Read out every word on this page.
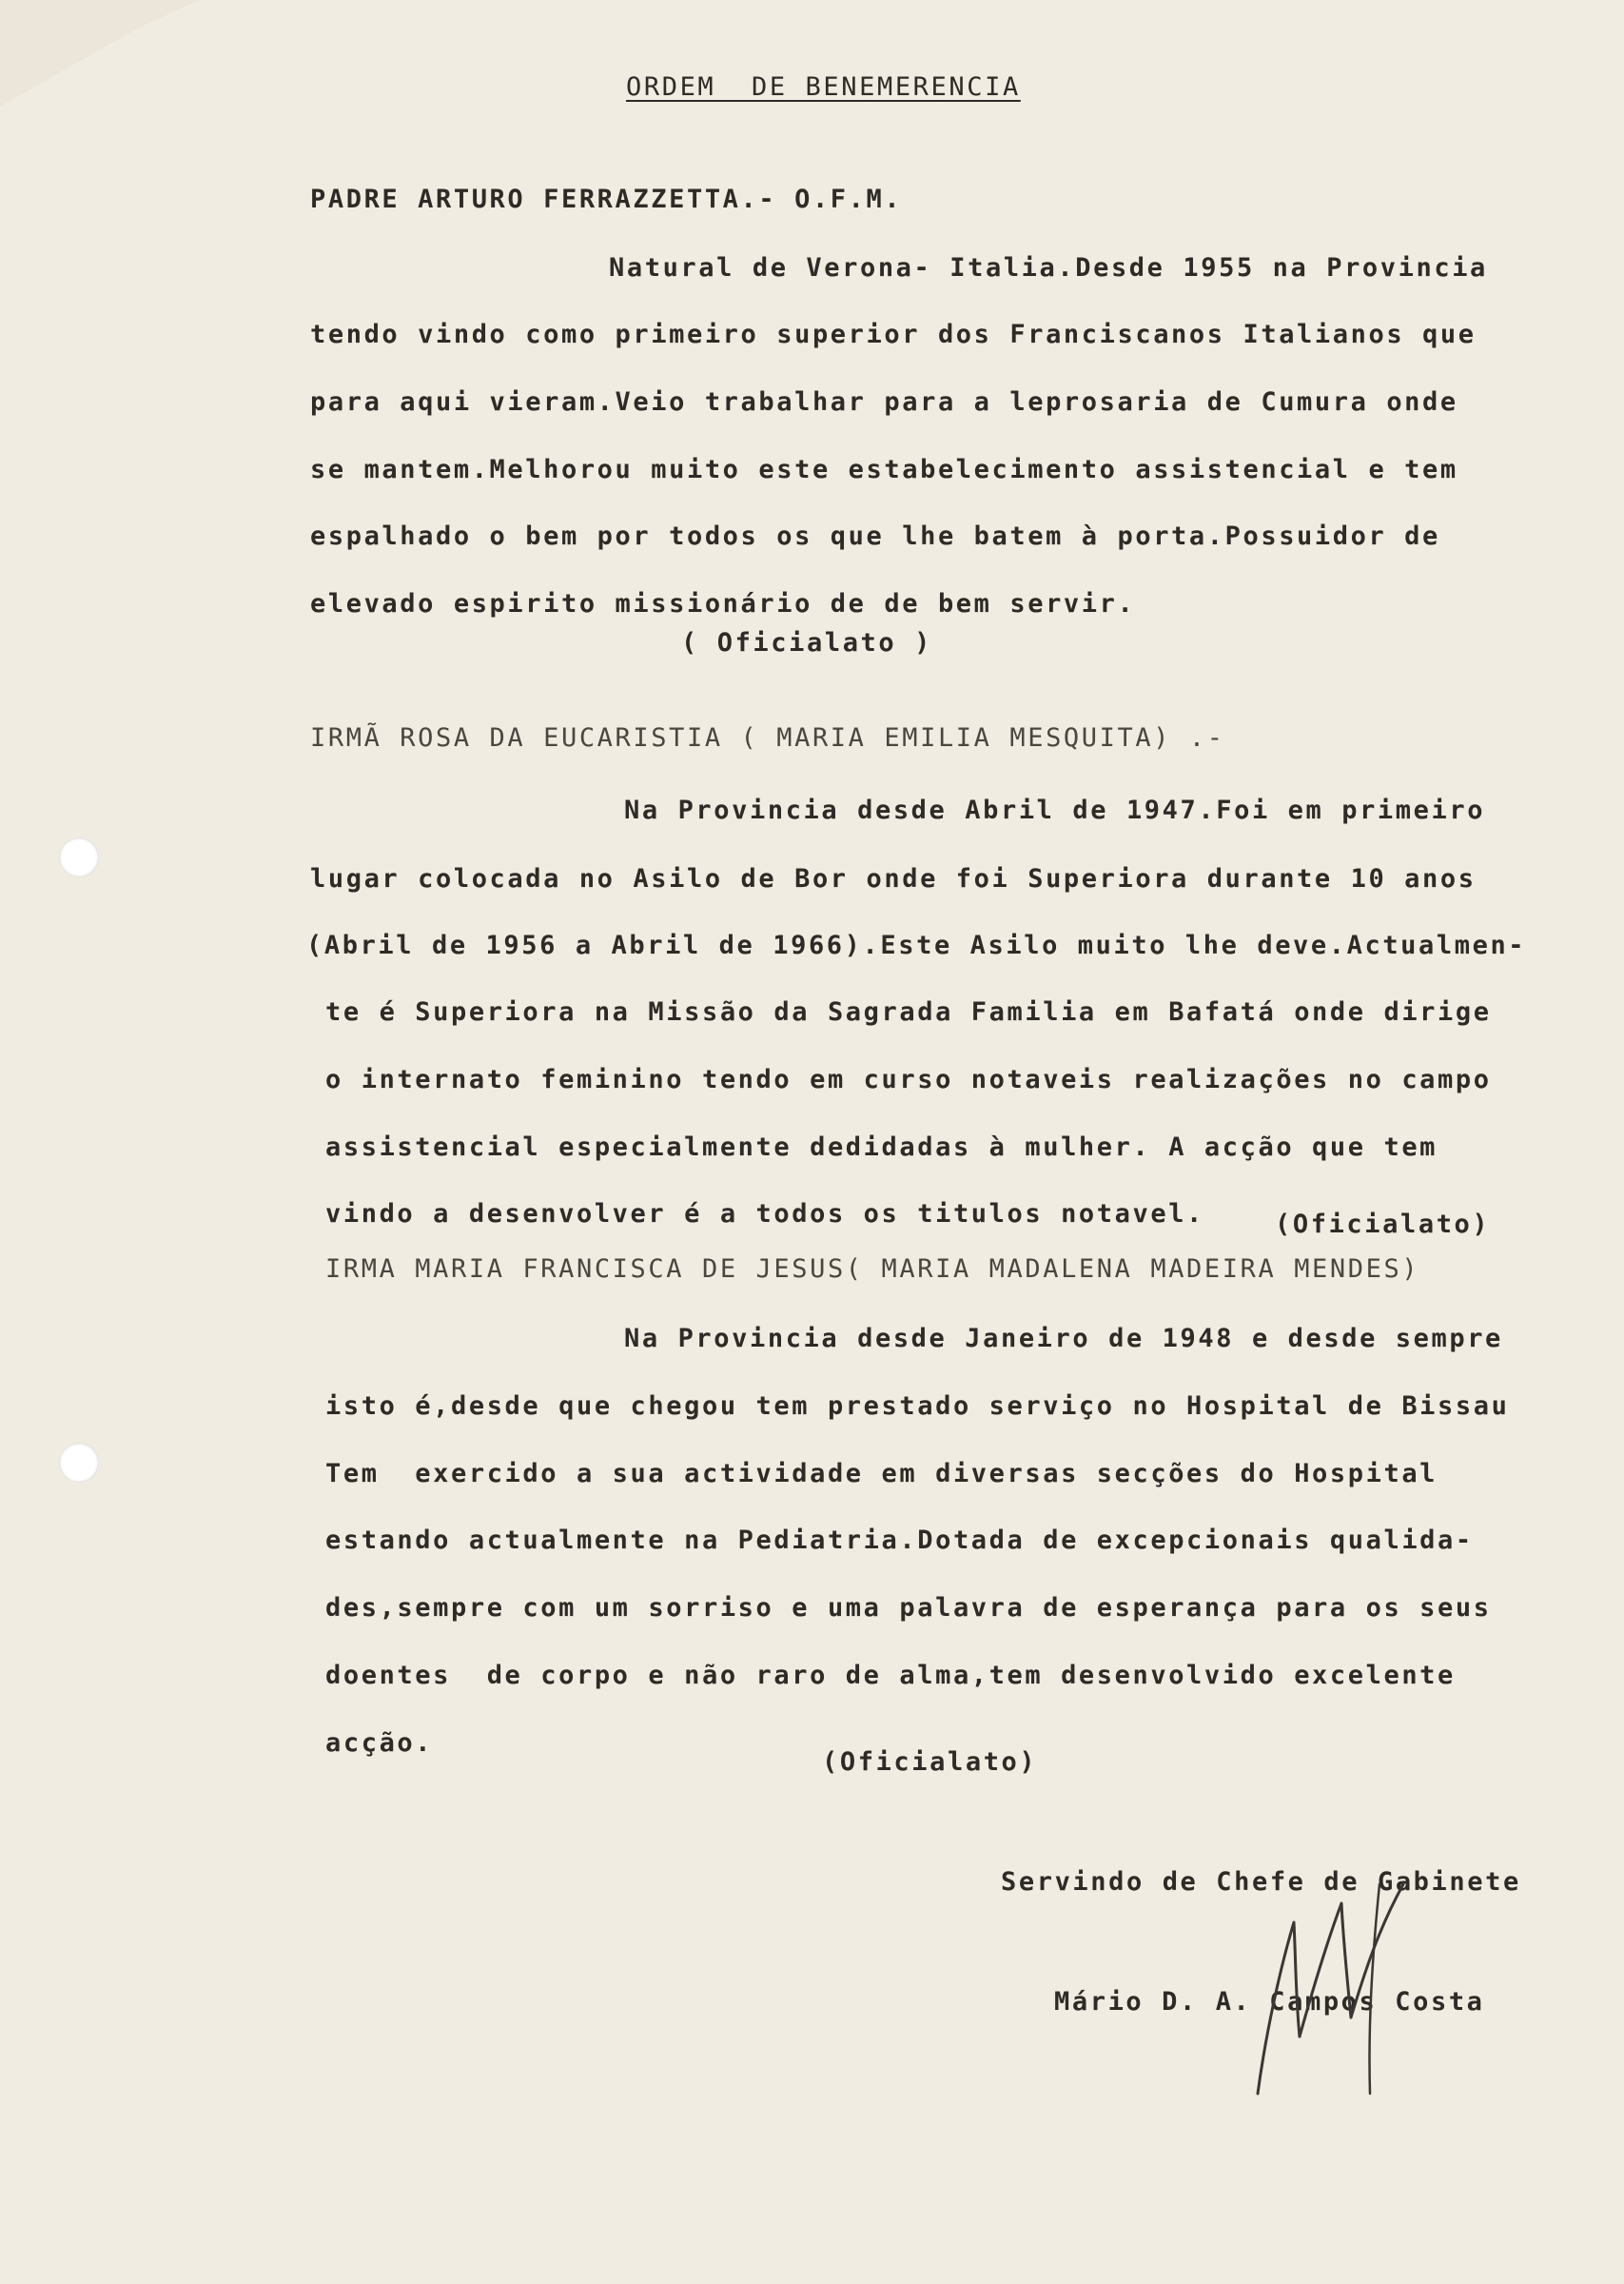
ORDEM  DE BENEMERENCIA
PADRE ARTURO FERRAZZETTA.- O.F.M.
Natural de Verona- Italia.Desde 1955 na Provincia
tendo vindo como primeiro superior dos Franciscanos Italianos que
para aqui vieram.Veio trabalhar para a leprosaria de Cumura onde
se mantem.Melhorou muito este estabelecimento assistencial e tem
espalhado o bem por todos os que lhe batem à porta.Possuidor de
elevado espirito missionário de de bem servir.
( Oficialato )
IRMÃ ROSA DA EUCARISTIA ( MARIA EMILIA MESQUITA) .-
Na Provincia desde Abril de 1947.Foi em primeiro
lugar colocada no Asilo de Bor onde foi Superiora durante 10 anos
(Abril de 1956 a Abril de 1966).Este Asilo muito lhe deve.Actualmen-
te é Superiora na Missão da Sagrada Familia em Bafatá onde dirige
o internato feminino tendo em curso notaveis realizações no campo
assistencial especialmente dedidadas à mulher. A acção que tem
vindo a desenvolver é a todos os titulos notavel.	(Oficialato)
IRMA MARIA FRANCISCA DE JESUS( MARIA MADALENA MADEIRA MENDES)
Na Provincia desde Janeiro de 1948 e desde sempre
isto é,desde que chegou tem prestado serviço no Hospital de Bissau
Tem  exercido a sua actividade em diversas secções do Hospital
estando actualmente na Pediatria.Dotada de excepcionais qualida-
des,sempre com um sorriso e uma palavra de esperança para os seus
doentes  de corpo e não raro de alma,tem desenvolvido excelente
acção.
(Oficialato)
Servindo de Chefe de Gabinete
Mário D. A. Campos Costa
